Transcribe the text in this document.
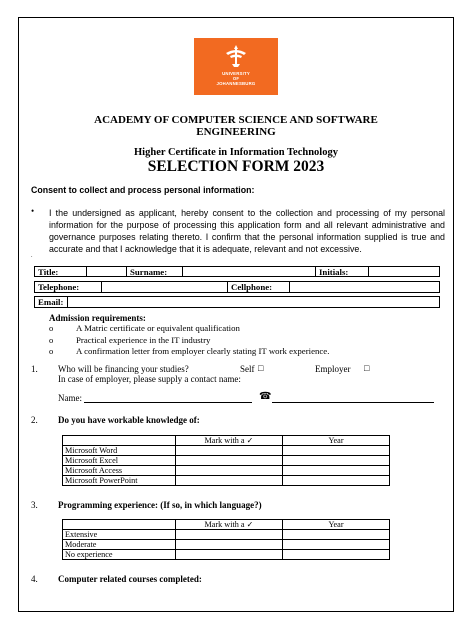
UNIVERSITY
OF
JOHANNESBURG
ACADEMY OF COMPUTER SCIENCE AND SOFTWARE
ENGINEERING
Higher Certificate in Information Technology
SELECTION FORM 2023
Consent to collect and process personal information:
• I the undersigned as applicant, hereby consent to the collection and processing of my personal information for the purpose of processing this application form and all relevant administrative and governance purposes relating thereto. I confirm that the personal information supplied is true and accurate and that I acknowledge that it is adequate, relevant and not excessive.
.
Title:	Surname:	Initials:
Telephone:	Cellphone:
Email:
Admission requirements:
o	A Matric certificate or equivalent qualification
o	Practical experience in the IT industry
o	A confirmation letter from employer clearly stating IT work experience.
1. Who will be financing your studies?	Self □	Employer □
In case of employer, please supply a contact name:
Name:	☎
2. Do you have workable knowledge of:
	Mark with a ✓	Year
Microsoft Word		
Microsoft Excel		
Microsoft Access		
Microsoft PowerPoint		
3. Programming experience: (If so, in which language?)
	Mark with a ✓	Year
Extensive		
Moderate		
No experience		
4. Computer related courses completed:
